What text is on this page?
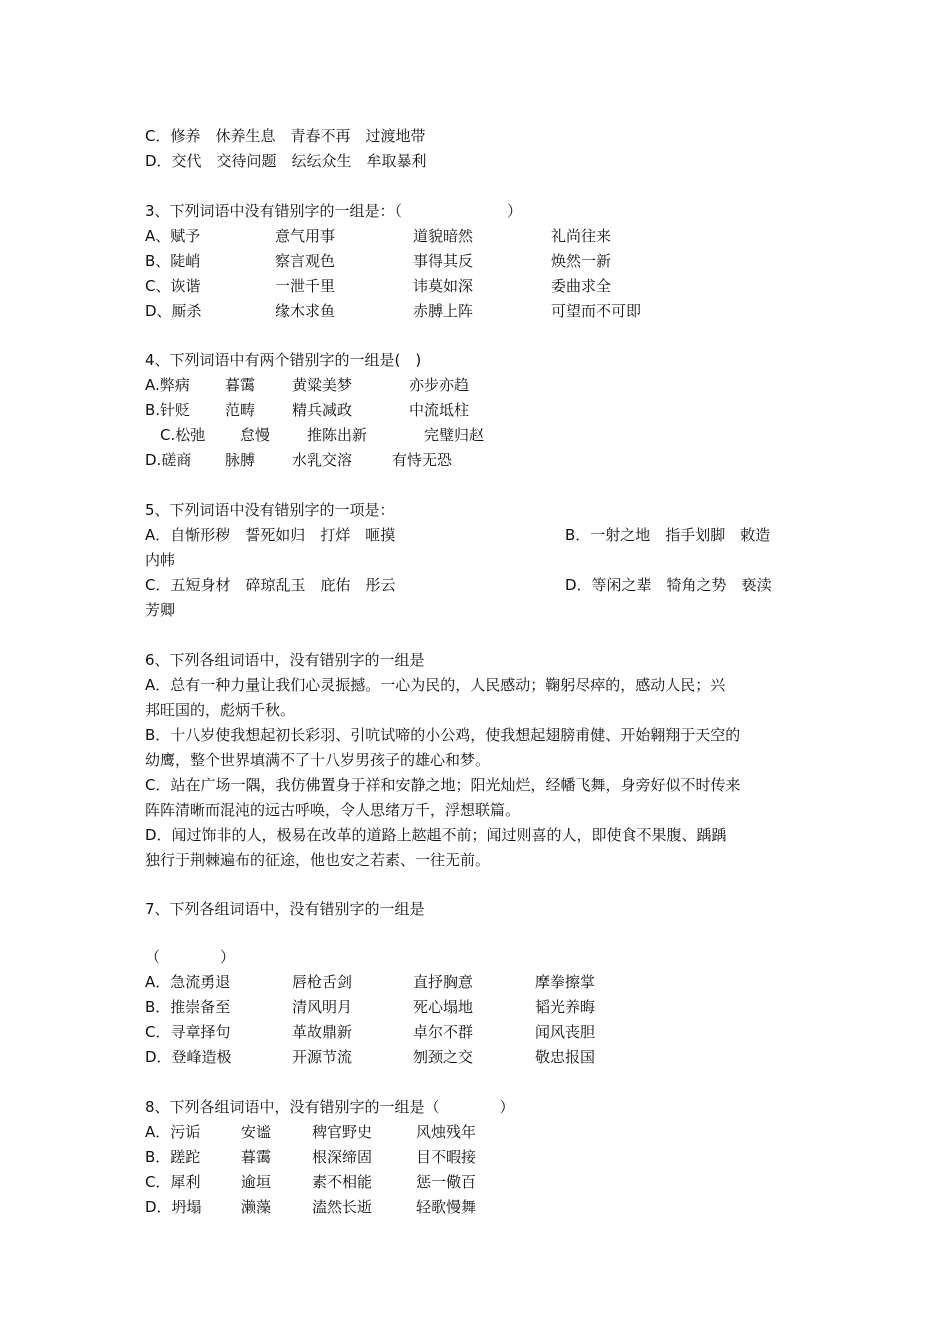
C．修养　休养生息　青春不再　过渡地带
D．交代　交待问题　纭纭众生　牟取暴利
3、下列词语中没有错别字的一组是：（　　　　　　　）
A、赋予	意气用事	道貌暗然	礼尚往来
B、陡峭	察言观色	事得其反	焕然一新
C、诙谐	一泄千里	讳莫如深	委曲求全
D、厮杀	缘木求鱼	赤膊上阵	可望而不可即
4、下列词语中有两个错别字的一组是(　)
A.弊病 暮霭 黄粱美梦	亦步亦趋
B.针贬 范畴 精兵减政	中流坻柱
C.松弛 怠慢 推陈出新	完璧归赵
D.磋商 脉膊 水乳交溶	有恃无恐
5、下列词语中没有错别字的一项是：
A．自惭形秽　誓死如归　打烊　咂摸	B．一射之地　指手划脚　敕造
内帏
C．五短身材　碎琼乱玉　庇佑　彤云	D．等闲之辈　犄角之势　亵渎
芳卿
6、下列各组词语中，没有错别字的一组是
A．总有一种力量让我们心灵振撼。一心为民的，人民感动；鞠躬尽瘁的，感动人民；兴
邦旺国的，彪炳千秋。
B．十八岁使我想起初长彩羽、引吭试啼的小公鸡，使我想起翅膀甫健、开始翱翔于天空的
幼鹰，整个世界填满不了十八岁男孩子的雄心和梦。
C．站在广场一隅，我仿佛置身于祥和安静之地；阳光灿烂，经幡飞舞，身旁好似不时传来
阵阵清晰而混沌的远古呼唤，令人思绪万千，浮想联篇。
D．闻过饰非的人，极易在改革的道路上趑趄不前；闻过则喜的人，即使食不果腹、踽踽
独行于荆棘遍布的征途，他也安之若素、一往无前。
7、下列各组词语中，没有错别字的一组是
（　　　　）
A．急流勇退	唇枪舌剑	直抒胸意	摩拳擦掌
B．推崇备至	清风明月	死心塌地	韬光养晦
C．寻章择句	革故鼎新	卓尔不群	闻风丧胆
D．登峰造极	开源节流	刎颈之交	敬忠报国
8、下列各组词语中，没有错别字的一组是（　　　　）
A．污诟	安谧	稗官野史	风烛残年
B．蹉跎	暮霭	根深缔固	目不暇接
C．犀利	逾垣	素不相能	惩一儆百
D．坍塌	濑藻	溘然长逝	轻歌慢舞
